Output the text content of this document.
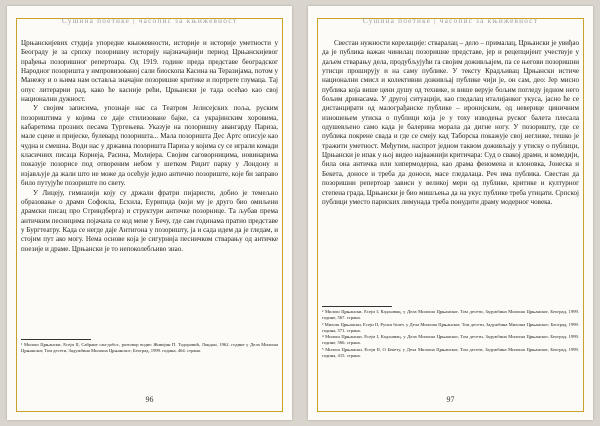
Сушина поетике | часопис за књижевност

Црњанскијевих студија упоредне књижевности, историје и историје уметности у Београду је за српску позоришну историју најзначајнији период Црњанскијевог прађења позоришног репертоара. Од 1919. године преда представе београдског Народног позоришта у импровизованој сали биоскопа Касина на Теразијама, потом у Манежу и о њима нам оставља значајне позоришне критике и портрете глумаца. Тај опус литерарни рад, како ће касније рећи, Црњански је тада осећао као свој национални дужност.

У својим записима, упознаје нас са Театром Јелисејских поља, руским позориштима у којима се даје стилизоване бајке, са украјинским хоровима, кабаретима прозних песама Тургењева. Указује на позоришну авангарду Париза, мале сцене и пријеске, булевард позоришта... Мала позоришта Дес Артс описује као чудна и смешна. Води нас у државна позоришта Париза у којима су се играли комади класичних писаца Корнеја, Расина, Молијера. Својим саговорницима, новинарима показује позорисе под отвореним небом у шетком Риџнт парку у Лондону и изјављује да жали што не може да осећује једно антично позориште, које би заправо било путујуће позориште по свету.

У Лицеју, гимназији коју су држали фратри пијаристи, добио је темељно образовање о драми Софокла, Есхила, Еурипида (који му је друго био омиљени драмски писац про Стриндберга) и структури античке позорнице. Та љубав према античким песницима појачала се код мене у Бечу, где сам годинама пратио представе у Бургтеатру. Када се негде даје Антигона у позоришту, ја и сада идем да је гледам, и стојим пут ако могу. Нема основе која је сигурнија песничком стварању од античке поезије и драме. Црњански је то непоколебљиво знао.

¹ Милош Црњански, Есеји II, Сабране сан-добос, разговор водио Живојин П. Тодоровић, Лондон, 1962. године у Делa Милоша Црњанског, Том десети, Задужбина Милоша Црњанског; Београд, 1999. година, 464. страна.

96
Сушина поетике | часопис за књижевност

Свестан нужности корелације: стваралац – дело – прималац, Црњански је увиђао да је публика важан чинилац позоришне представе, јер и рецепцијент учествује у даљем стварању дела, продубљујући га својим доживљајем, па се његови позоришни утисци проширују и на саму публике. У тексту Крадљивац Црњански истиче национални смисл и колективни доживљај публике чији је, он сам, део: Јер мисно публика која више цени душу од технике, и више верује бољим погледу једном него бољим дринасама. У другој ситуацији, као гледалац италијанког укуса, јасно ће се дистанцирати од малограђанске публике – иронијским, од неверице циничним изношењем утиска о публици која је у тоху изводења руског балета плесала одушевљено само када је балерина морала да дигне ногу. У позоришту, где се публика покрене свада и где се смеју кад Таборска покажује свој неглиже, тешко је тражити уметност. Међутим, наспрот једном таквом доживљају у утиску о публици, Црњански је ипак у њој видео најважнији критичара: Суд о свакој драми, и комедији, била она античка или хипермодерна, као драма феномена и клоновка, Јонеска и Бекета, доносе и треба да доноси, масе гледалаца. Реч има публика. Свестан да позоришни репертоар зависи у великој мери од публике, критике и културног степена града, Црњански је био мишљења да на укус публике треба утицати. Српској публици уместо париских лимунада треба понудити драму модерног човека.

² Милош Црњански, Есеји I, Кадљивац, у Дела Милоша Црњанског, Том десети, Задужбина Милоша Црњанског, Београд, 1999. године, 567. страна.

³ Милош Црњански, Есеји II, Руски балет, у Дела Милоша Црњанског, Том десети, Задужбина Милоша Црњанског; Београд, 1999. година, 571. страна.

⁴ Милош Црњански, Есеји I, Кадљивац, у Дела Милоша Црњанског, Том десети, Задужбина Милоша Црњанског, Београд, 1999. године, 566. страна.

⁵ Милош Црњански, Есеји II, О Бекету, у Дела Милоша Црњанског, Том десети, Задужбина Милоша Црњанског, Београд, 1999. година, 415. страна.

97
